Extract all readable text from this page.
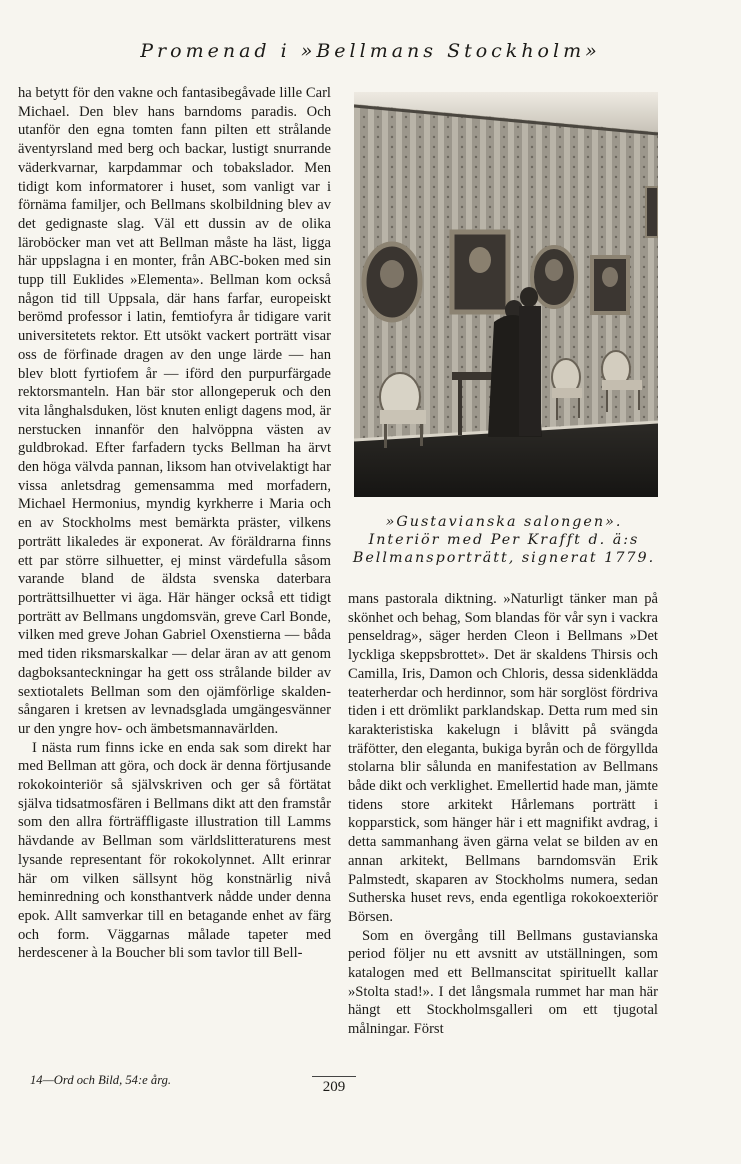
Promenad i »Bellmans Stockholm»

ha betytt för den vakne och fantasibegåvade lille Carl Michael. Den blev hans barndoms paradis. Och utanför den egna tomten fann pilten ett strålande äventyrsland med berg och backar, lustigt snurrande väderkvarnar, karpdammar och tobakslador. Men tidigt kom informatorer i huset, som vanligt var i förnäma familjer, och Bellmans skolbildning blev av det gedignaste slag. Väl ett dussin av de olika läroböcker man vet att Bellman måste ha läst, ligga här uppslagna i en monter, från ABC-boken med sin tupp till Euklides »Elementa». Bellman kom också någon tid till Uppsala, där hans farfar, europeiskt berömd professor i latin, femtiofyra år tidigare varit universitetets rektor. Ett utsökt vackert porträtt visar oss de förfinade dragen av den unge lärde — han blev blott fyrtiofem år — iförd den purpurfärgade rektorsmanteln. Han bär stor allongeperuk och den vita långhalsduken, löst knuten enligt dagens mod, är nerstucken innanför den halvöppna västen av guldbrokad. Efter farfadern tycks Bellman ha ärvt den höga välvda pannan, liksom han otvivelaktigt har vissa anletsdrag gemensamma med morfadern, Michael Hermonius, myndig kyrkherre i Maria och en av Stockholms mest bemärkta präster, vilkens porträtt likaledes är exponerat. Av föräldrarna finns ett par större silhuetter, ej minst värdefulla såsom varande bland de äldsta svenska daterbara porträttsilhuetter vi äga. Här hänger också ett tidigt porträtt av Bellmans ungdomsvän, greve Carl Bonde, vilken med greve Johan Gabriel Oxenstierna — båda med tiden riksmarskalkar — delar äran av att genom dagboksanteckningar ha gett oss strålande bilder av sextiotalets Bellman som den ojämförlige skalden-sångaren i kretsen av levnadsglada umgängesvänner ur den yngre hov- och ämbetsmannavärlden.

I nästa rum finns icke en enda sak som direkt har med Bellman att göra, och dock är denna förtjusande rokokointeriör så självskriven och ger så förtätat själva tidsatmosfären i Bellmans dikt att den framstår som den allra förträffligaste illustration till Lamms hävdande av Bellman som världslitteraturens mest lysande representant för rokokolynnet. Allt erinrar här om vilken sällsynt hög konstnärlig nivå heminredning och konsthantverk nådde under denna epok. Allt samverkar till en betagande enhet av färg och form. Väggarnas målade tapeter med herdescener à la Boucher bli som tavlor till Bell-

»Gustavianska salongen». Interiör med Per Krafft d. ä:s Bellmansporträtt, signerat 1779.

mans pastorala diktning. »Naturligt tänker man på skönhet och behag, Som blandas för vår syn i vackra penseldrag», säger herden Cleon i Bellmans »Det lyckliga skeppsbrottet». Det är skaldens Thirsis och Camilla, Iris, Damon och Chloris, dessa sidenklädda teaterherdar och herdinnor, som här sorglöst fördriva tiden i ett drömlikt parklandskap. Detta rum med sin karakteristiska kakelugn i blåvitt på svängda träfötter, den eleganta, bukiga byrån och de förgyllda stolarna blir sålunda en manifestation av Bellmans både dikt och verklighet. Emellertid hade man, jämte tidens store arkitekt Hårlemans porträtt i kopparstick, som hänger här i ett magnifikt avdrag, i detta sammanhang även gärna velat se bilden av en annan arkitekt, Bellmans barndomsvän Erik Palmstedt, skaparen av Stockholms numera, sedan Sutherska huset revs, enda egentliga rokokoexteriör Börsen.

Som en övergång till Bellmans gustavianska period följer nu ett avsnitt av utställningen, som katalogen med ett Bellmanscitat spirituellt kallar »Stolta stad!». I det långsmala rummet har man här hängt ett Stockholmsgalleri om ett tjugotal målningar. Först

14—Ord och Bild, 54:e årg.	209
